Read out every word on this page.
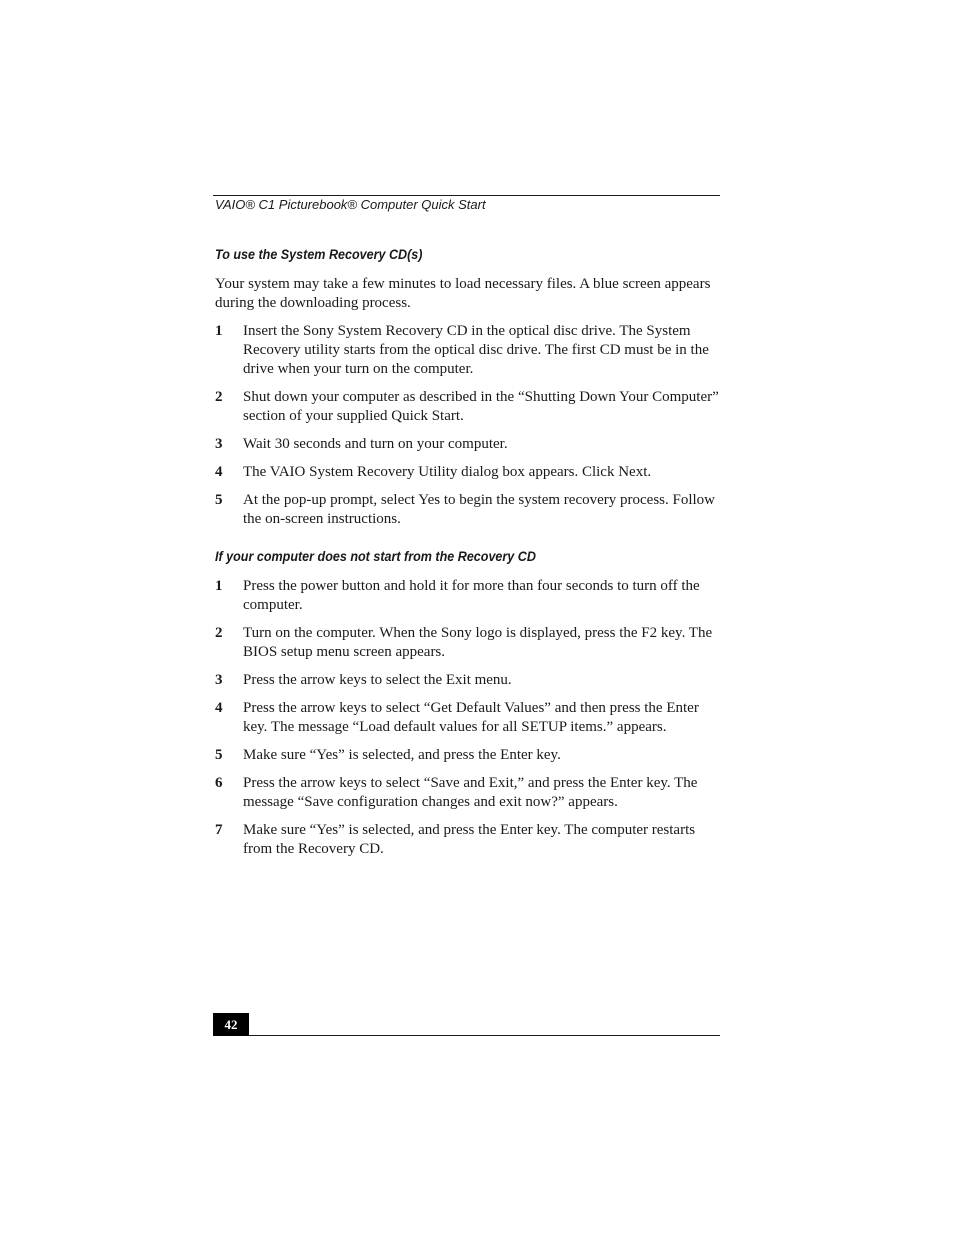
VAIO® C1 Picturebook® Computer Quick Start
To use the System Recovery CD(s)

Your system may take a few minutes to load necessary files. A blue screen appears during the downloading process.

1	Insert the Sony System Recovery CD in the optical disc drive. The System Recovery utility starts from the optical disc drive. The first CD must be in the drive when your turn on the computer.
2	Shut down your computer as described in the “Shutting Down Your Computer” section of your supplied Quick Start.
3	Wait 30 seconds and turn on your computer.
4	The VAIO System Recovery Utility dialog box appears. Click Next.
5	At the pop-up prompt, select Yes to begin the system recovery process. Follow the on-screen instructions.
If your computer does not start from the Recovery CD
1	Press the power button and hold it for more than four seconds to turn off the computer.
2	Turn on the computer. When the Sony logo is displayed, press the F2 key. The BIOS setup menu screen appears.
3	Press the arrow keys to select the Exit menu.
4	Press the arrow keys to select “Get Default Values” and then press the Enter key. The message “Load default values for all SETUP items.” appears.
5	Make sure “Yes” is selected, and press the Enter key.
6	Press the arrow keys to select “Save and Exit,” and press the Enter key. The message “Save configuration changes and exit now?” appears.
7	Make sure “Yes” is selected, and press the Enter key. The computer restarts from the Recovery CD.
42
